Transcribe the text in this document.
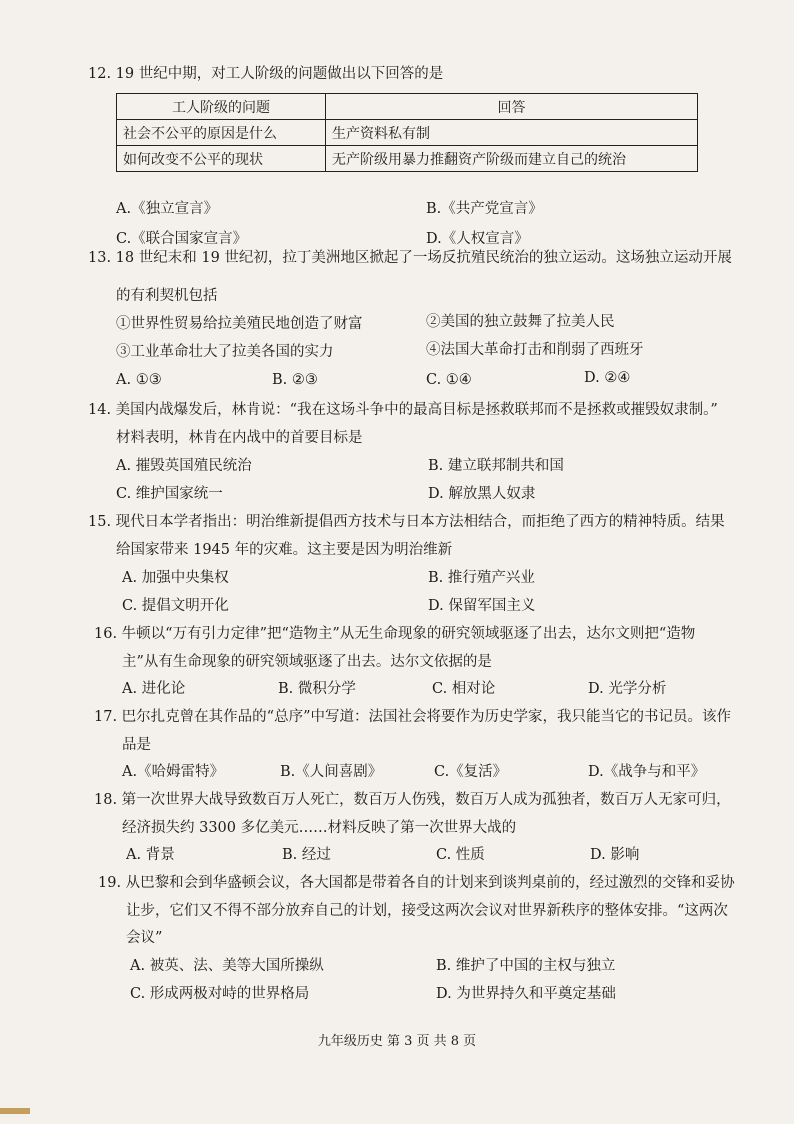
12. 19 世纪中期，对工人阶级的问题做出以下回答的是
工人阶级的问题	回答
社会不公平的原因是什么	生产资料私有制
如何改变不公平的现状	无产阶级用暴力推翻资产阶级而建立自己的统治
A.《独立宣言》	B.《共产党宣言》
C.《联合国家宣言》	D.《人权宣言》
13. 18 世纪末和 19 世纪初，拉丁美洲地区掀起了一场反抗殖民统治的独立运动。这场独立运动开展
的有利契机包括
①世界性贸易给拉美殖民地创造了财富	②美国的独立鼓舞了拉美人民
③工业革命壮大了拉美各国的实力	④法国大革命打击和削弱了西班牙
A. ①③	B. ②③	C. ①④	D. ②④
14. 美国内战爆发后，林肯说：“我在这场斗争中的最高目标是拯救联邦而不是拯救或摧毁奴隶制。”
材料表明，林肯在内战中的首要目标是
A. 摧毁英国殖民统治	B. 建立联邦制共和国
C. 维护国家统一	D. 解放黑人奴隶
15. 现代日本学者指出：明治维新提倡西方技术与日本方法相结合，而拒绝了西方的精神特质。结果
给国家带来 1945 年的灾难。这主要是因为明治维新
A. 加强中央集权	B. 推行殖产兴业
C. 提倡文明开化	D. 保留军国主义
16. 牛顿以“万有引力定律”把“造物主”从无生命现象的研究领域驱逐了出去，达尔文则把“造物
主”从有生命现象的研究领域驱逐了出去。达尔文依据的是
A. 进化论	B. 微积分学	C. 相对论	D. 光学分析
17. 巴尔扎克曾在其作品的“总序”中写道：法国社会将要作为历史学家，我只能当它的书记员。该作
品是
A.《哈姆雷特》	B.《人间喜剧》	C.《复活》	D.《战争与和平》
18. 第一次世界大战导致数百万人死亡，数百万人伤残，数百万人成为孤独者，数百万人无家可归，
经济损失约 3300 多亿美元……材料反映了第一次世界大战的
A. 背景	B. 经过	C. 性质	D. 影响
19. 从巴黎和会到华盛顿会议，各大国都是带着各自的计划来到谈判桌前的，经过激烈的交锋和妥协
让步，它们又不得不部分放弃自己的计划，接受这两次会议对世界新秩序的整体安排。“这两次
会议”
A. 被英、法、美等大国所操纵	B. 维护了中国的主权与独立
C. 形成两极对峙的世界格局	D. 为世界持久和平奠定基础
九年级历史 第 3 页 共 8 页
